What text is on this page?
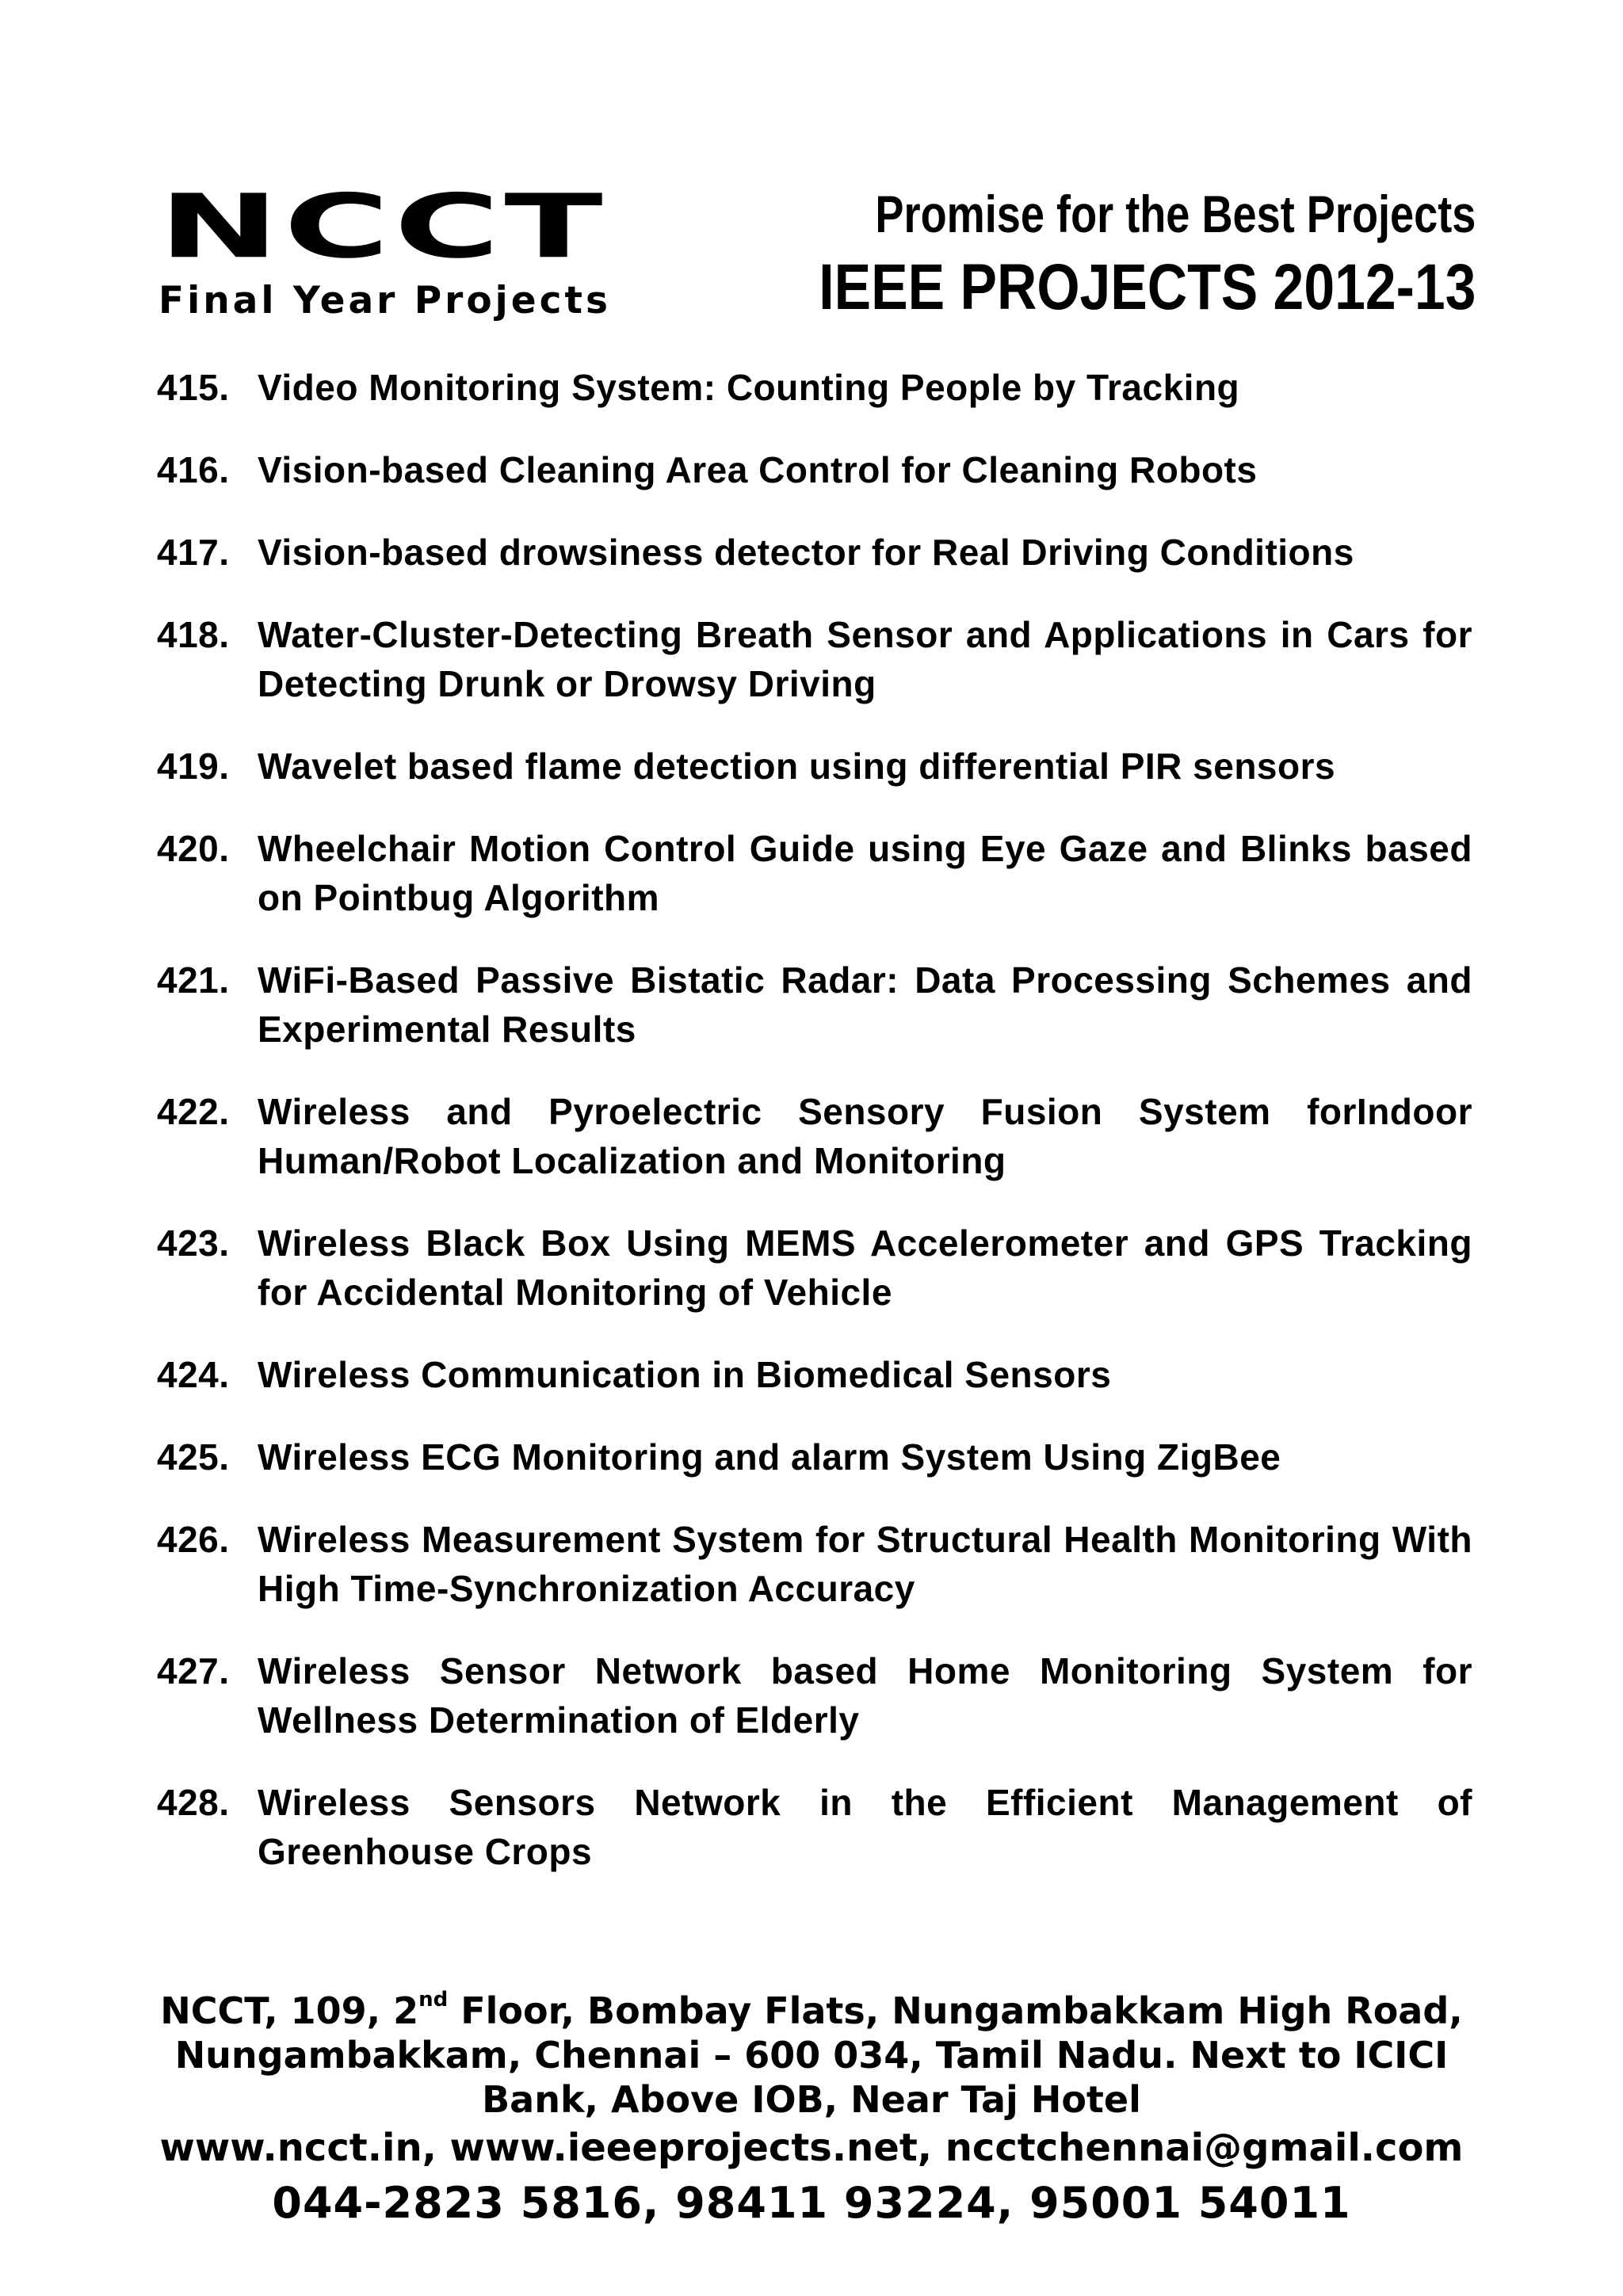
NCCT
Final Year Projects
Promise for the Best Projects
IEEE PROJECTS 2012-13
415. Video Monitoring System: Counting People by Tracking
416. Vision-based Cleaning Area Control for Cleaning Robots
417. Vision-based drowsiness detector for Real Driving Conditions
418. Water-Cluster-Detecting Breath Sensor and Applications in Cars for Detecting Drunk or Drowsy Driving
419. Wavelet based flame detection using differential PIR sensors
420. Wheelchair Motion Control Guide using Eye Gaze and Blinks based on Pointbug Algorithm
421. WiFi-Based Passive Bistatic Radar: Data Processing Schemes and Experimental Results
422. Wireless and Pyroelectric Sensory Fusion System forIndoor Human/Robot Localization and Monitoring
423. Wireless Black Box Using MEMS Accelerometer and GPS Tracking for Accidental Monitoring of Vehicle
424. Wireless Communication in Biomedical Sensors
425. Wireless ECG Monitoring and alarm System Using ZigBee
426. Wireless Measurement System for Structural Health Monitoring With High Time-Synchronization Accuracy
427. Wireless Sensor Network based Home Monitoring System for Wellness Determination of Elderly
428. Wireless Sensors Network in the Efficient Management of Greenhouse Crops
NCCT, 109, 2nd Floor, Bombay Flats, Nungambakkam High Road, Nungambakkam, Chennai – 600 034, Tamil Nadu. Next to ICICI Bank, Above IOB, Near Taj Hotel
www.ncct.in, www.ieeeprojects.net, ncctchennai@gmail.com
044-2823 5816, 98411 93224, 95001 54011
